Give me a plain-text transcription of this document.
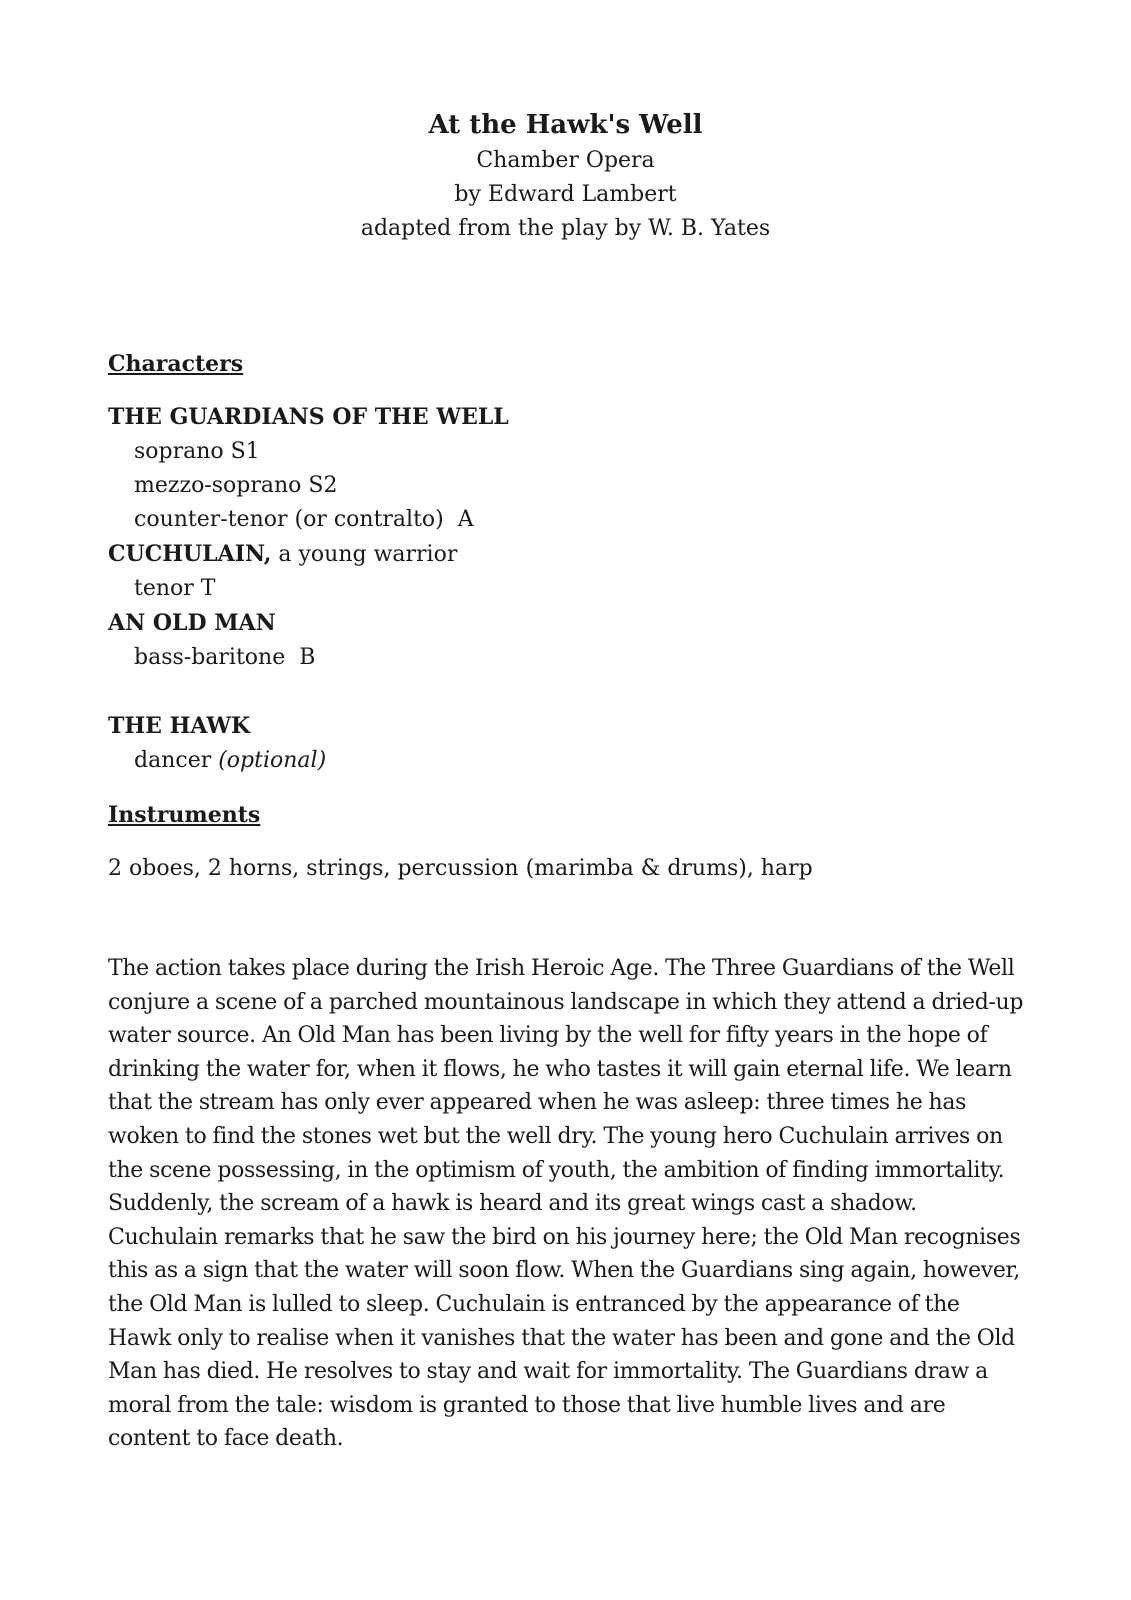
At the Hawk's Well

Chamber Opera

by Edward Lambert

adapted from the play by W. B. Yates

Characters

THE GUARDIANS OF THE WELL
soprano S1
mezzo-soprano S2
counter-tenor (or contralto)  A
CUCHULAIN, a young warrior
tenor T
AN OLD MAN
bass-baritone  B
THE HAWK
dancer (optional)

Instruments

2 oboes, 2 horns, strings, percussion (marimba & drums), harp

The action takes place during the Irish Heroic Age. The Three Guardians of the Well conjure a scene of a parched mountainous landscape in which they attend a dried-up water source. An Old Man has been living by the well for fifty years in the hope of drinking the water for, when it flows, he who tastes it will gain eternal life. We learn that the stream has only ever appeared when he was asleep: three times he has woken to find the stones wet but the well dry. The young hero Cuchulain arrives on the scene possessing, in the optimism of youth, the ambition of finding immortality. Suddenly, the scream of a hawk is heard and its great wings cast a shadow. Cuchulain remarks that he saw the bird on his journey here; the Old Man recognises this as a sign that the water will soon flow. When the Guardians sing again, however, the Old Man is lulled to sleep. Cuchulain is entranced by the appearance of the Hawk only to realise when it vanishes that the water has been and gone and the Old Man has died. He resolves to stay and wait for immortality. The Guardians draw a moral from the tale: wisdom is granted to those that live humble lives and are content to face death.
